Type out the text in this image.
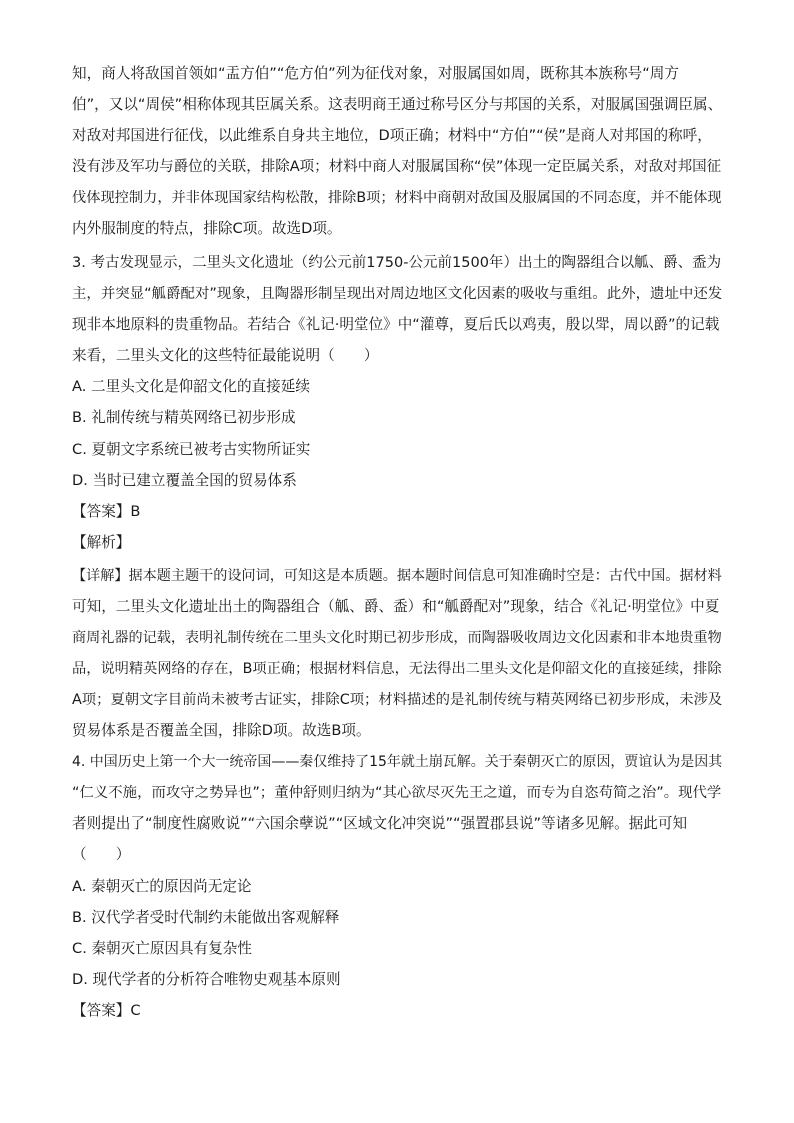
知，商人将敌国首领如“盂方伯”“危方伯”列为征伐对象，对服属国如周，既称其本族称号“周方
伯”，又以“周侯”相称体现其臣属关系。这表明商王通过称号区分与邦国的关系，对服属国强调臣属、
对敌对邦国进行征伐，以此维系自身共主地位，D项正确；材料中“方伯”“侯”是商人对邦国的称呼，
没有涉及军功与爵位的关联，排除A项；材料中商人对服属国称“侯”体现一定臣属关系，对敌对邦国征
伐体现控制力，并非体现国家结构松散，排除B项；材料中商朝对敌国及服属国的不同态度，并不能体现
内外服制度的特点，排除C项。故选D项。
3. 考古发现显示，二里头文化遗址（约公元前1750-公元前1500年）出土的陶器组合以觚、爵、盉为
主，并突显“觚爵配对”现象，且陶器形制呈现出对周边地区文化因素的吸收与重组。此外，遗址中还发
现非本地原料的贵重物品。若结合《礼记·明堂位》中“灌尊，夏后氏以鸡夷，殷以斝，周以爵”的记载
来看，二里头文化的这些特征最能说明（　　）
A. 二里头文化是仰韶文化的直接延续
B. 礼制传统与精英网络已初步形成
C. 夏朝文字系统已被考古实物所证实
D. 当时已建立覆盖全国的贸易体系
【答案】B
【解析】
【详解】据本题主题干的设问词，可知这是本质题。据本题时间信息可知准确时空是：古代中国。据材料
可知，二里头文化遗址出土的陶器组合（觚、爵、盉）和“觚爵配对”现象，结合《礼记·明堂位》中夏
商周礼器的记载，表明礼制传统在二里头文化时期已初步形成，而陶器吸收周边文化因素和非本地贵重物
品，说明精英网络的存在，B项正确；根据材料信息，无法得出二里头文化是仰韶文化的直接延续，排除
A项；夏朝文字目前尚未被考古证实，排除C项；材料描述的是礼制传统与精英网络已初步形成，未涉及
贸易体系是否覆盖全国，排除D项。故选B项。
4. 中国历史上第一个大一统帝国——秦仅维持了15年就土崩瓦解。关于秦朝灭亡的原因，贾谊认为是因其
“仁义不施，而攻守之势异也”；董仲舒则归纳为“其心欲尽灭先王之道，而专为自恣苟简之治”。现代学
者则提出了“制度性腐败说”“六国余孽说”“区域文化冲突说”“强置郡县说”等诸多见解。据此可知
（　　）
A. 秦朝灭亡的原因尚无定论
B. 汉代学者受时代制约未能做出客观解释
C. 秦朝灭亡原因具有复杂性
D. 现代学者的分析符合唯物史观基本原则
【答案】C
